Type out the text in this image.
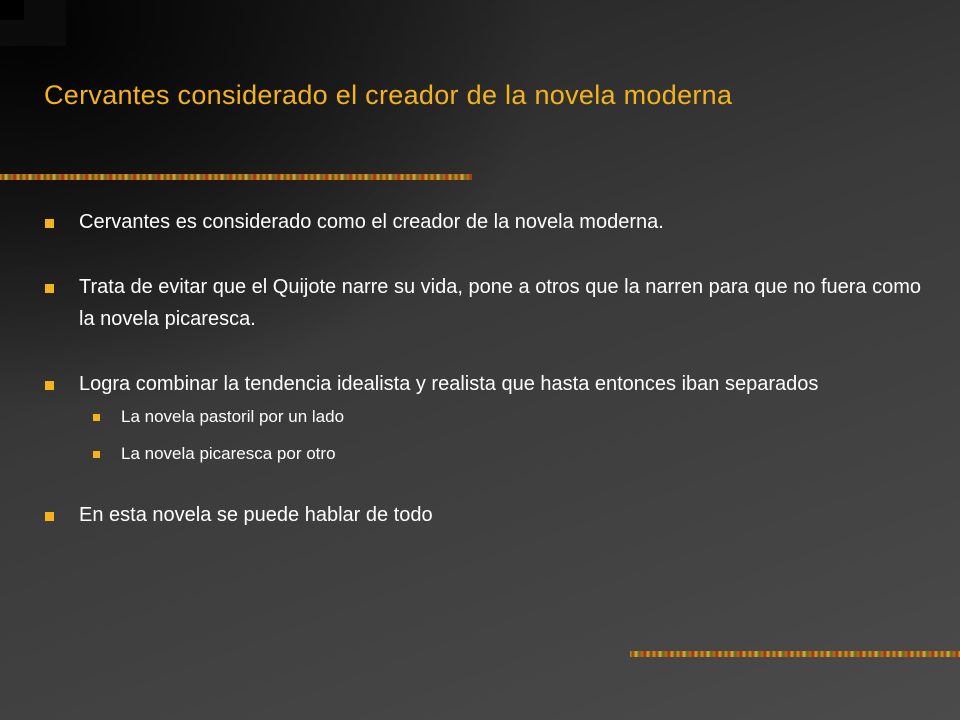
Cervantes considerado el creador de la novela moderna
Cervantes es considerado como el creador de la novela moderna.
Trata de evitar que el Quijote narre su vida, pone a otros que la narren para que no fuera como la novela picaresca.
Logra combinar la tendencia idealista y realista que hasta entonces iban separados
La novela pastoril por un lado
La novela picaresca por otro
En esta novela se puede hablar de todo
